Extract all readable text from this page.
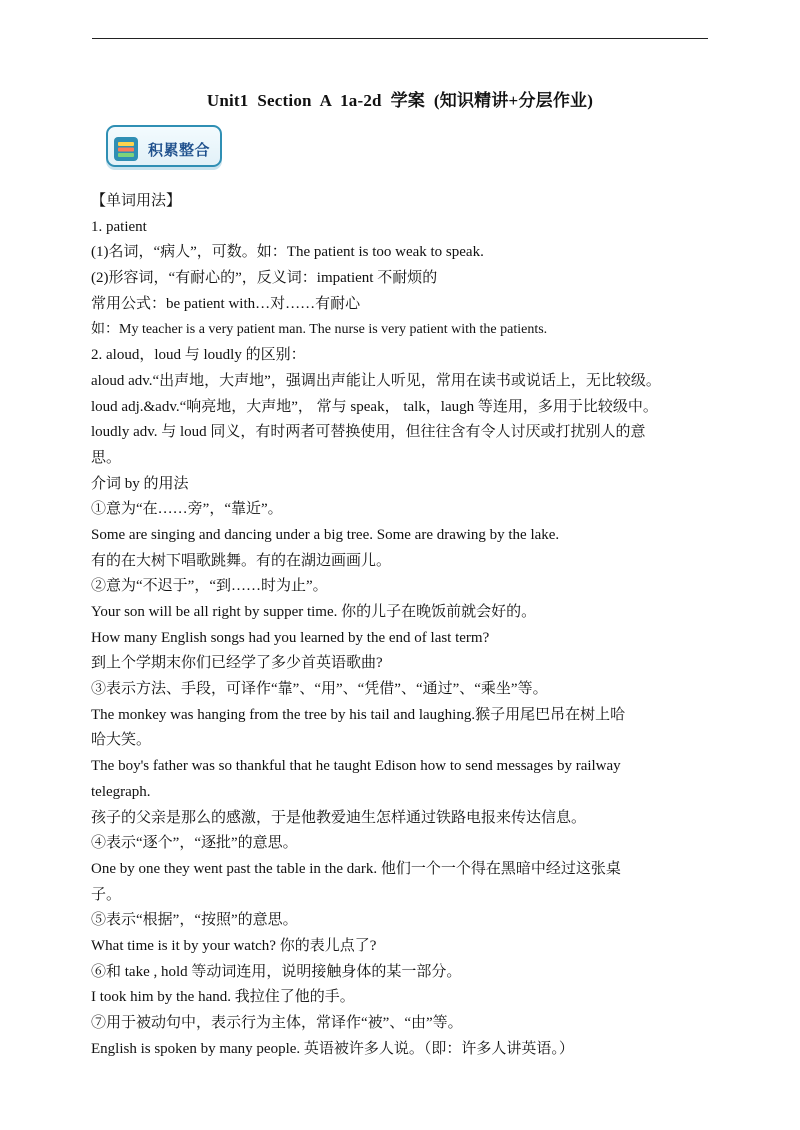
Unit1  Section  A  1a-2d  学案  (知识精讲+分层作业)
积累整合
【单词用法】
1. patient
(1)名词，“病人”，可数。如：The patient is too weak to speak.
(2)形容词，“有耐心的”，反义词：impatient 不耐烦的
常用公式：be patient with…对……有耐心
如：My teacher is a very patient man. The nurse is very patient with the patients.
2. aloud，loud 与 loudly 的区别：
aloud adv.“出声地，大声地”，强调出声能让人听见，常用在读书或说话上，无比较级。
loud adj.&adv.“响亮地，大声地”， 常与 speak， talk，laugh 等连用，多用于比较级中。
loudly adv. 与 loud 同义，有时两者可替换使用，但往往含有令人讨厌或打扰别人的意
思。
介词 by 的用法
①意为“在……旁”，“靠近”。
Some are singing and dancing under a big tree. Some are drawing by the lake.
有的在大树下唱歌跳舞。有的在湖边画画儿。
②意为“不迟于”，“到……时为止”。
Your son will be all right by supper time. 你的儿子在晚饭前就会好的。
How many English songs had you learned by the end of last term?
到上个学期末你们已经学了多少首英语歌曲?
③表示方法、手段，可译作“靠”、“用”、“凭借”、“通过”、“乘坐”等。
The monkey was hanging from the tree by his tail and laughing.猴子用尾巴吊在树上哈
哈大笑。
The boy's father was so thankful that he taught Edison how to send messages by railway
telegraph.
孩子的父亲是那么的感激，于是他教爱迪生怎样通过铁路电报来传达信息。
④表示“逐个”，“逐批”的意思。
One by one they went past the table in the dark. 他们一个一个得在黑暗中经过这张桌
子。
⑤表示“根据”，“按照”的意思。
What time is it by your watch? 你的表儿点了?
⑥和 take , hold 等动词连用，说明接触身体的某一部分。
I took him by the hand. 我拉住了他的手。
⑦用于被动句中，表示行为主体，常译作“被”、“由”等。
English is spoken by many people. 英语被许多人说。（即：许多人讲英语。）
